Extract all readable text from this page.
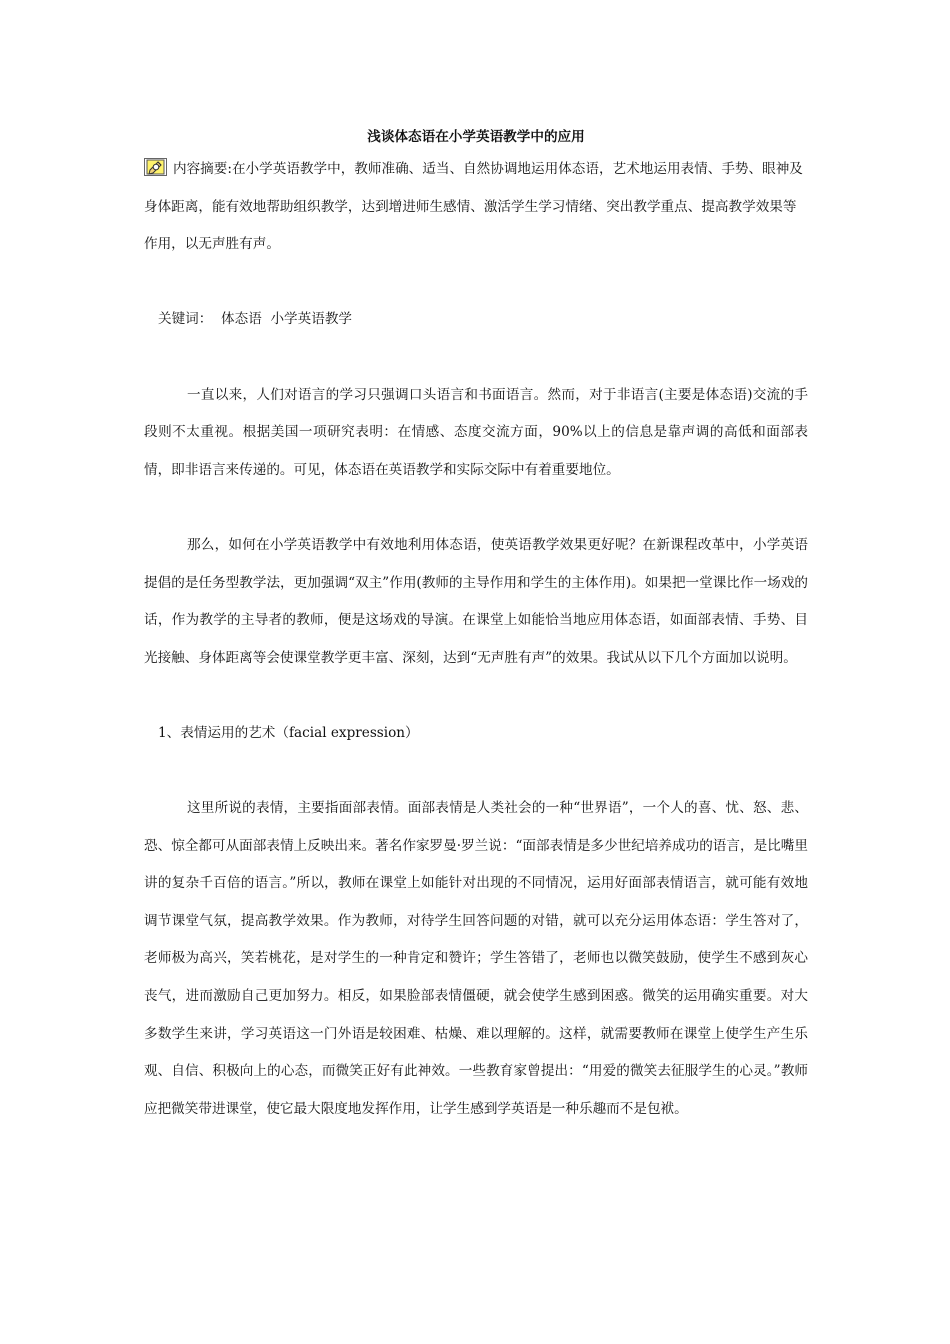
浅谈体态语在小学英语教学中的应用

内容摘要:在小学英语教学中，教师准确、适当、自然协调地运用体态语，艺术地运用表情、手势、眼神及身体距离，能有效地帮助组织教学，达到增进师生感情、激活学生学习情绪、突出教学重点、提高教学效果等作用，以无声胜有声。

关键词：  体态语  小学英语教学

一直以来，人们对语言的学习只强调口头语言和书面语言。然而，对于非语言(主要是体态语)交流的手段则不太重视。根据美国一项研究表明：在情感、态度交流方面，90%以上的信息是靠声调的高低和面部表情，即非语言来传递的。可见，体态语在英语教学和实际交际中有着重要地位。

那么，如何在小学英语教学中有效地利用体态语，使英语教学效果更好呢？在新课程改革中，小学英语提倡的是任务型教学法，更加强调“双主”作用(教师的主导作用和学生的主体作用)。如果把一堂课比作一场戏的话，作为教学的主导者的教师，便是这场戏的导演。在课堂上如能恰当地应用体态语，如面部表情、手势、目光接触、身体距离等会使课堂教学更丰富、深刻，达到“无声胜有声”的效果。我试从以下几个方面加以说明。

1、表情运用的艺术（facial expression）

这里所说的表情，主要指面部表情。面部表情是人类社会的一种“世界语”，一个人的喜、忧、怒、悲、恐、惊全都可从面部表情上反映出来。著名作家罗曼·罗兰说：“面部表情是多少世纪培养成功的语言，是比嘴里讲的复杂千百倍的语言。”所以，教师在课堂上如能针对出现的不同情况，运用好面部表情语言，就可能有效地调节课堂气氛，提高教学效果。作为教师，对待学生回答问题的对错，就可以充分运用体态语：学生答对了，老师极为高兴，笑若桃花，是对学生的一种肯定和赞许；学生答错了，老师也以微笑鼓励，使学生不感到灰心丧气，进而激励自己更加努力。相反，如果脸部表情僵硬，就会使学生感到困惑。微笑的运用确实重要。对大多数学生来讲，学习英语这一门外语是较困难、枯燥、难以理解的。这样，就需要教师在课堂上使学生产生乐观、自信、积极向上的心态，而微笑正好有此神效。一些教育家曾提出：“用爱的微笑去征服学生的心灵。”教师应把微笑带进课堂，使它最大限度地发挥作用，让学生感到学英语是一种乐趣而不是包袱。
